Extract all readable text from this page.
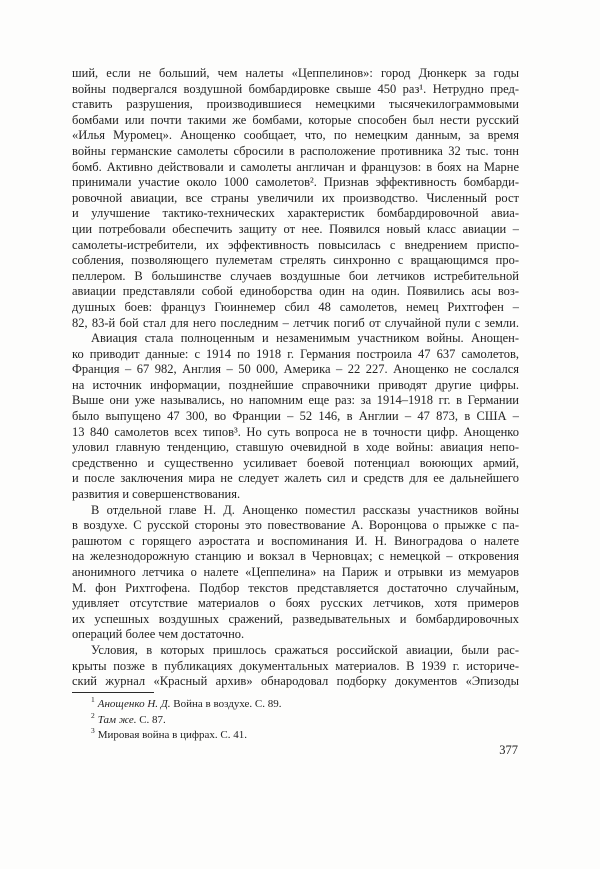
ший, если не больший, чем налеты «Цеппелинов»: город Дюнкерк за годы
войны подвергался воздушной бомбардировке свыше 450 раз¹. Нетрудно пред-
ставить разрушения, производившиеся немецкими тысячекилограммовыми
бомбами или почти такими же бомбами, которые способен был нести русский
«Илья Муромец». Анощенко сообщает, что, по немецким данным, за время
войны германские самолеты сбросили в расположение противника 32 тыс. тонн
бомб. Активно действовали и самолеты англичан и французов: в боях на Марне
принимали участие около 1000 самолетов². Признав эффективность бомбарди-
ровочной авиации, все страны увеличили их производство. Численный рост
и улучшение тактико-технических характеристик бомбардировочной авиа-
ции потребовали обеспечить защиту от нее. Появился новый класс авиации –
самолеты-истребители, их эффективность повысилась с внедрением приспо-
собления, позволяющего пулеметам стрелять синхронно с вращающимся про-
пеллером. В большинстве случаев воздушные бои летчиков истребительной
авиации представляли собой единоборства один на один. Появились асы воз-
душных боев: француз Гюиннемер сбил 48 самолетов, немец Рихтгофен –
82, 83-й бой стал для него последним – летчик погиб от случайной пули с земли.
Авиация стала полноценным и незаменимым участником войны. Анощен-
ко приводит данные: с 1914 по 1918 г. Германия построила 47 637 самолетов,
Франция – 67 982, Англия – 50 000, Америка – 22 227. Анощенко не сослался
на источник информации, позднейшие справочники приводят другие цифры.
Выше они уже назывались, но напомним еще раз: за 1914–1918 гг. в Германии
было выпущено 47 300, во Франции – 52 146, в Англии – 47 873, в США –
13 840 самолетов всех типов³. Но суть вопроса не в точности цифр. Анощенко
уловил главную тенденцию, ставшую очевидной в ходе войны: авиация непо-
средственно и существенно усиливает боевой потенциал воюющих армий,
и после заключения мира не следует жалеть сил и средств для ее дальнейшего
развития и совершенствования.
В отдельной главе Н. Д. Анощенко поместил рассказы участников войны
в воздухе. С русской стороны это повествование А. Воронцова о прыжке с па-
рашютом с горящего аэростата и воспоминания И. Н. Виноградова о налете
на железнодорожную станцию и вокзал в Черновцах; с немецкой – откровения
анонимного летчика о налете «Цеппелина» на Париж и отрывки из мемуаров
М. фон Рихтгофена. Подбор текстов представляется достаточно случайным,
удивляет отсутствие материалов о боях русских летчиков, хотя примеров
их успешных воздушных сражений, разведывательных и бомбардировочных
операций более чем достаточно.
Условия, в которых пришлось сражаться российской авиации, были рас-
крыты позже в публикациях документальных материалов. В 1939 г. историче-
ский журнал «Красный архив» обнародовал подборку документов «Эпизоды
$^1$ Анощенко Н. Д. Война в воздухе. С. 89.
$^2$ Там же. С. 87.
$^3$ Мировая война в цифрах. С. 41.
377
